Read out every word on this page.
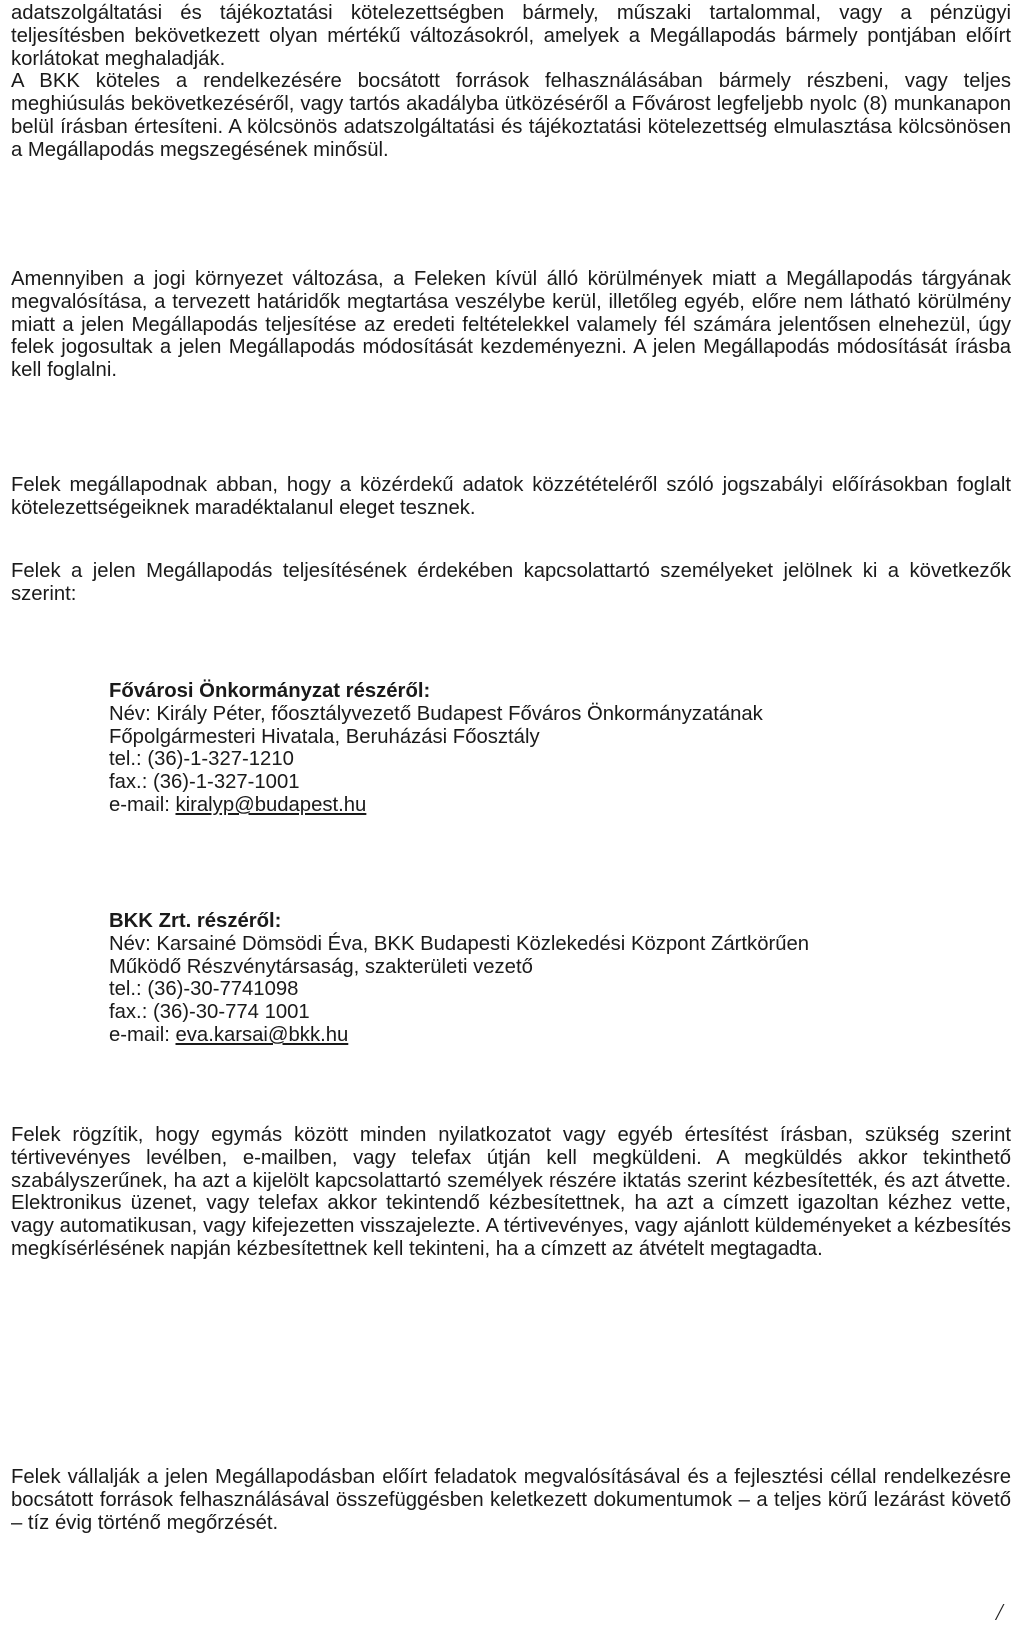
adatszolgáltatási és tájékoztatási kötelezettségben bármely, műszaki tartalommal, vagy a pénzügyi teljesítésben bekövetkezett olyan mértékű változásokról, amelyek a Megállapodás bármely pontjában előírt korlátokat meghaladják.
A BKK köteles a rendelkezésére bocsátott források felhasználásában bármely részbeni, vagy teljes meghiúsulás bekövetkezéséről, vagy tartós akadályba ütközéséről a Fővárost legfeljebb nyolc (8) munkanapon belül írásban értesíteni. A kölcsönös adatszolgáltatási és tájékoztatási kötelezettség elmulasztása kölcsönösen a Megállapodás megszegésének minősül.

Amennyiben a jogi környezet változása, a Feleken kívül álló körülmények miatt a Megállapodás tárgyának megvalósítása, a tervezett határidők megtartása veszélybe kerül, illetőleg egyéb, előre nem látható körülmény miatt a jelen Megállapodás teljesítése az eredeti feltételekkel valamely fél számára jelentősen elnehezül, úgy felek jogosultak a jelen Megállapodás módosítását kezdeményezni. A jelen Megállapodás módosítását írásba kell foglalni.

Felek megállapodnak abban, hogy a közérdekű adatok közzétételéről szóló jogszabályi előírásokban foglalt kötelezettségeiknek maradéktalanul eleget tesznek.

Felek a jelen Megállapodás teljesítésének érdekében kapcsolattartó személyeket jelölnek ki a következők szerint:

Felek rögzítik, hogy egymás között minden nyilatkozatot vagy egyéb értesítést írásban, szükség szerint tértivevényes levélben, e-mailben, vagy telefax útján kell megküldeni. A megküldés akkor tekinthető szabályszerűnek, ha azt a kijelölt kapcsolattartó személyek részére iktatás szerint kézbesítették, és azt átvette. Elektronikus üzenet, vagy telefax akkor tekintendő kézbesítettnek, ha azt a címzett igazoltan kézhez vette, vagy automatikusan, vagy kifejezetten visszajelezte. A tértivevényes, vagy ajánlott küldeményeket a kézbesítés megkísérlésének napján kézbesítettnek kell tekinteni, ha a címzett az átvételt megtagadta.

Felek vállalják a jelen Megállapodásban előírt feladatok megvalósításával és a fejlesztési céllal rendelkezésre bocsátott források felhasználásával összefüggésben keletkezett dokumentumok – a teljes körű lezárást követő – tíz évig történő megőrzését.

Fővárosi Önkormányzat részéről:
Név: Király Péter, főosztályvezető Budapest Főváros Önkormányzatának
Főpolgármesteri Hivatala, Beruházási Főosztály
tel.: (36)-1-327-1210
fax.: (36)-1-327-1001
e-mail: kiralyp@budapest.hu
BKK Zrt. részéről:
Név: Karsainé Dömsödi Éva, BKK Budapesti Közlekedési Központ Zártkörűen
Működő Részvénytársaság, szakterületi vezető
tel.: (36)-30-7741098
fax.: (36)-30-774 1001
e-mail: eva.karsai@bkk.hu
/
